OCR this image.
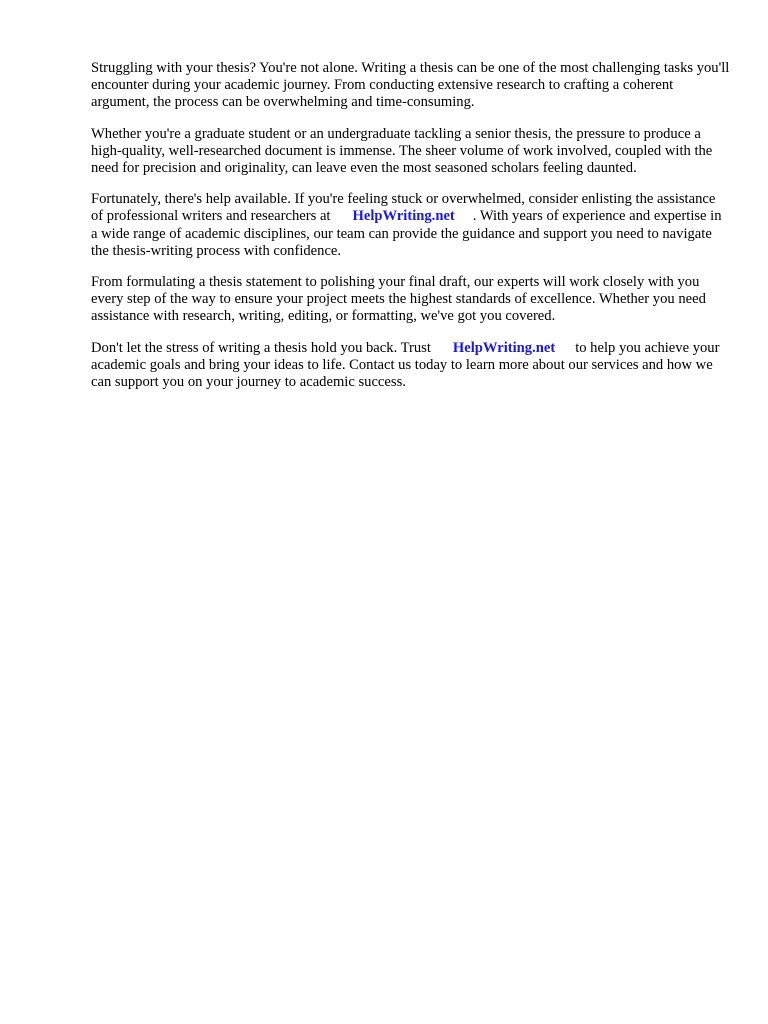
Struggling with your thesis? You're not alone. Writing a thesis can be one of the most challenging tasks you'll encounter during your academic journey. From conducting extensive research to crafting a coherent argument, the process can be overwhelming and time-consuming.

Whether you're a graduate student or an undergraduate tackling a senior thesis, the pressure to produce a high-quality, well-researched document is immense. The sheer volume of work involved, coupled with the need for precision and originality, can leave even the most seasoned scholars feeling daunted.

Fortunately, there's help available. If you're feeling stuck or overwhelmed, consider enlisting the assistance of professional writers and researchers at HelpWriting.net . With years of experience and expertise in a wide range of academic disciplines, our team can provide the guidance and support you need to navigate the thesis-writing process with confidence.

From formulating a thesis statement to polishing your final draft, our experts will work closely with you every step of the way to ensure your project meets the highest standards of excellence. Whether you need assistance with research, writing, editing, or formatting, we've got you covered.

Don't let the stress of writing a thesis hold you back. Trust HelpWriting.net to help you achieve your academic goals and bring your ideas to life. Contact us today to learn more about our services and how we can support you on your journey to academic success.
